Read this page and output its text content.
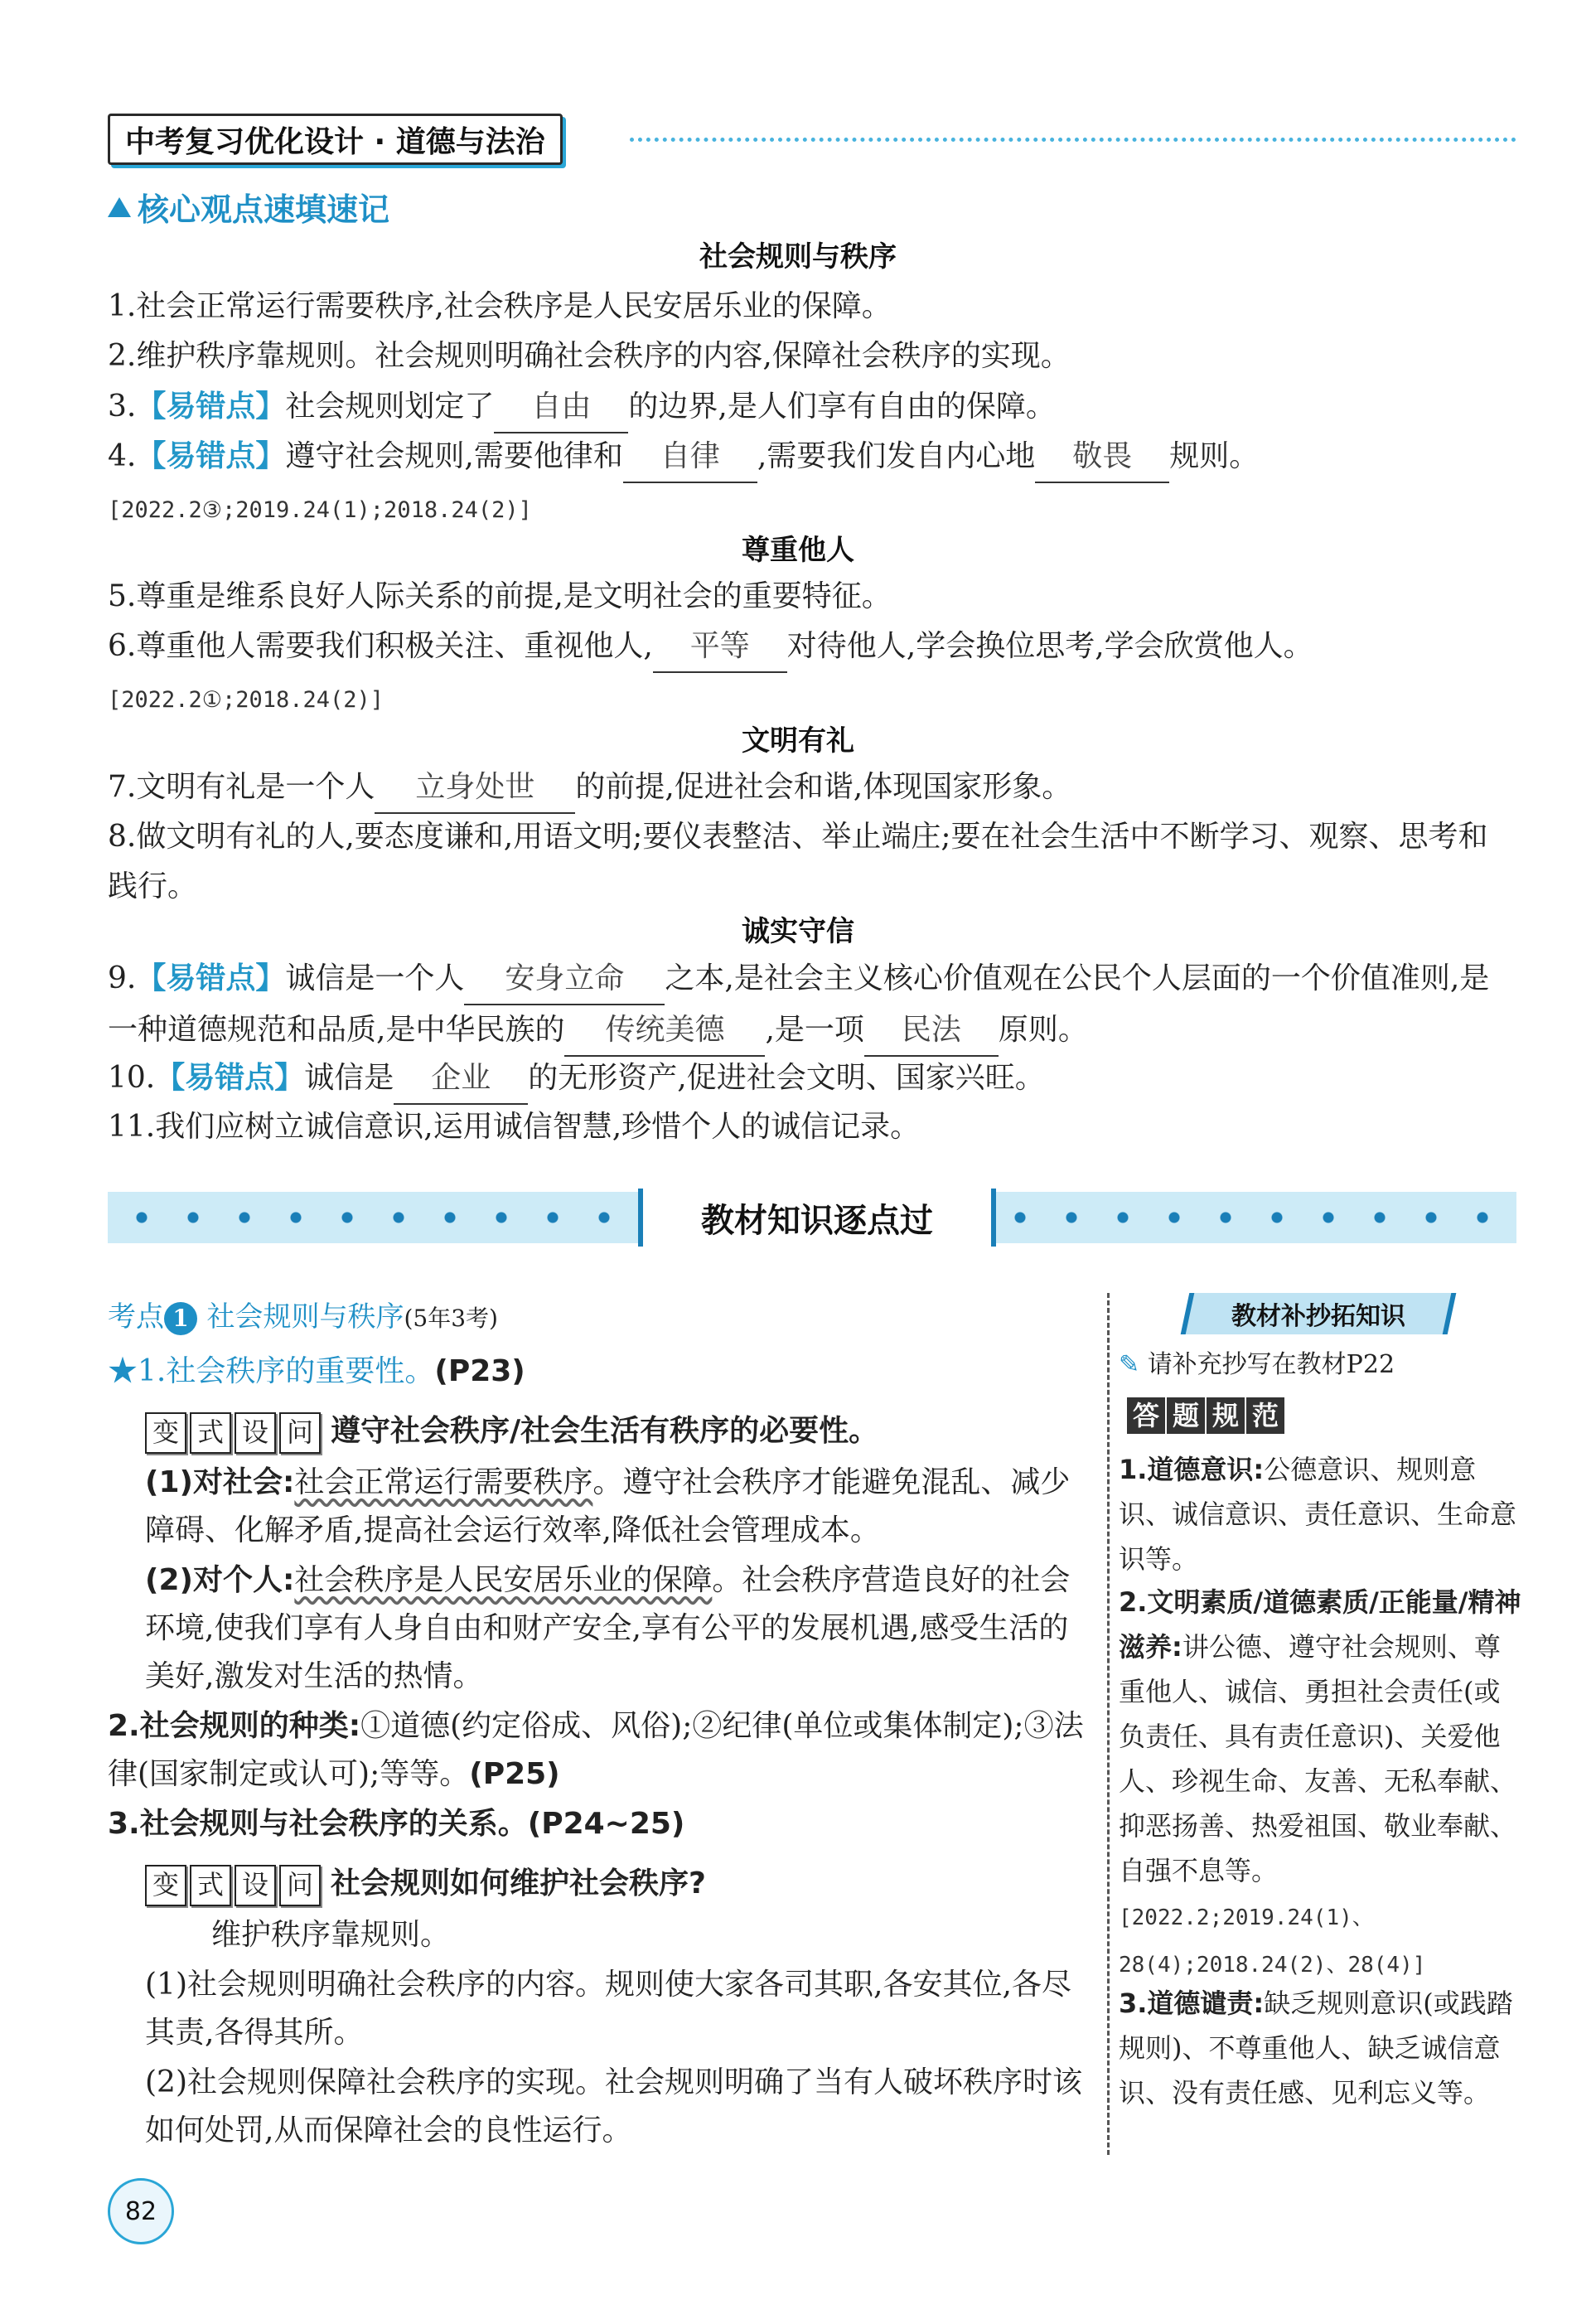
中考复习优化设计 · 道德与法治
核心观点速填速记
社会规则与秩序
1.社会正常运行需要秩序,社会秩序是人民安居乐业的保障。
2.维护秩序靠规则。社会规则明确社会秩序的内容,保障社会秩序的实现。
3.【易错点】社会规则划定了 自由 的边界,是人们享有自由的保障。
4.【易错点】遵守社会规则,需要他律和 自律 ,需要我们发自内心地 敬畏 规则。[2022.2③;2019.24(1);2018.24(2)]
尊重他人
5.尊重是维系良好人际关系的前提,是文明社会的重要特征。
6.尊重他人需要我们积极关注、重视他人, 平等 对待他人,学会换位思考,学会欣赏他人。[2022.2①;2018.24(2)]
文明有礼
7.文明有礼是一个人 立身处世 的前提,促进社会和谐,体现国家形象。
8.做文明有礼的人,要态度谦和,用语文明;要仪表整洁、举止端庄;要在社会生活中不断学习、观察、思考和践行。
诚实守信
9.【易错点】诚信是一个人 安身立命 之本,是社会主义核心价值观在公民个人层面的一个价值准则,是一种道德规范和品质,是中华民族的 传统美德 ,是一项 民法 原则。
10.【易错点】诚信是 企业 的无形资产,促进社会文明、国家兴旺。
11.我们应树立诚信意识,运用诚信智慧,珍惜个人的诚信记录。
教材知识逐点过
考点 1 社会规则与秩序(5年3考)
★1.社会秩序的重要性。(P23)
变 式 设 问 遵守社会秩序/社会生活有秩序的必要性。
(1)对社会:社会正常运行需要秩序。遵守社会秩序才能避免混乱、减少障碍、化解矛盾,提高社会运行效率,降低社会管理成本。
(2)对个人:社会秩序是人民安居乐业的保障。社会秩序营造良好的社会环境,使我们享有人身自由和财产安全,享有公平的发展机遇,感受生活的美好,激发对生活的热情。
2.社会规则的种类:①道德(约定俗成、风俗);②纪律(单位或集体制定);③法律(国家制定或认可);等等。(P25)
3.社会规则与社会秩序的关系。(P24~25)
变 式 设 问 社会规则如何维护社会秩序?
维护秩序靠规则。
(1)社会规则明确社会秩序的内容。规则使大家各司其职,各安其位,各尽其责,各得其所。
(2)社会规则保障社会秩序的实现。社会规则明确了当有人破坏秩序时该如何处罚,从而保障社会的良性运行。
教材补抄拓知识
✎ 请补充抄写在教材P22
答 题 规 范
1.道德意识:公德意识、规则意识、诚信意识、责任意识、生命意识等。
2.文明素质/道德素质/正能量/精神滋养:讲公德、遵守社会规则、尊重他人、诚信、勇担社会责任(或负责任、具有责任意识)、关爱他人、珍视生命、友善、无私奉献、抑恶扬善、热爱祖国、敬业奉献、自强不息等。[2022.2;2019.24(1)、28(4);2018.24(2)、28(4)]
3.道德谴责:缺乏规则意识(或践踏规则)、不尊重他人、缺乏诚信意识、没有责任感、见利忘义等。
82
